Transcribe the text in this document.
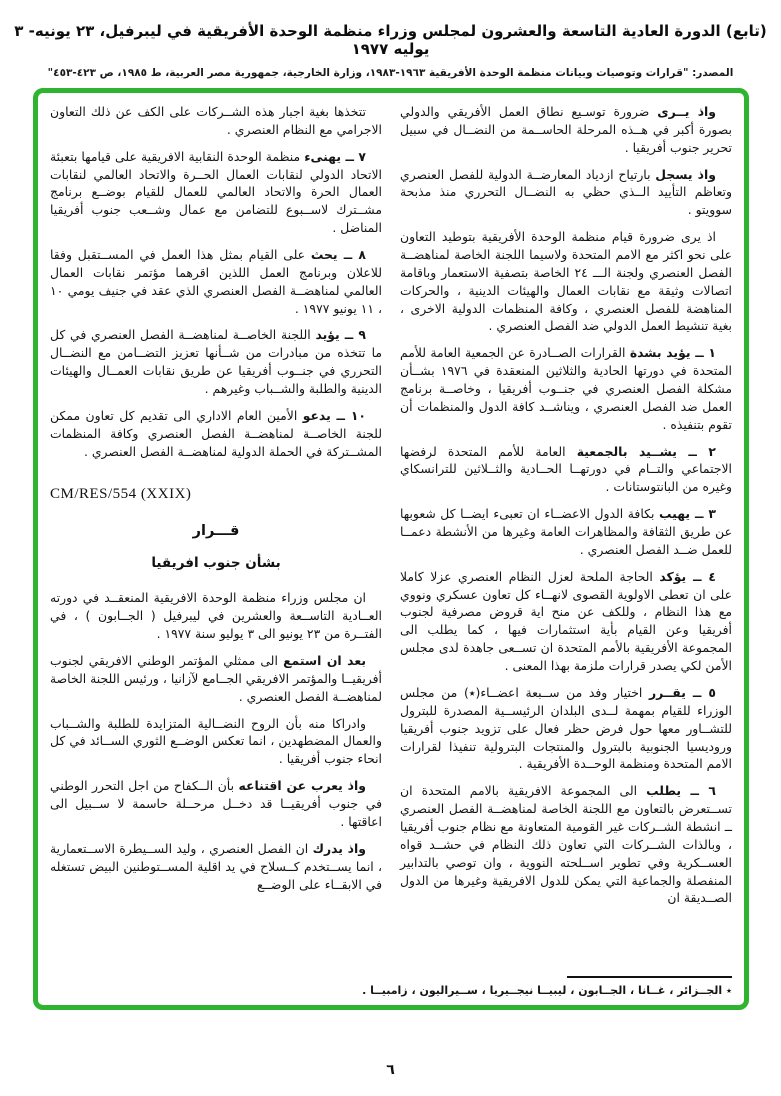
(تابع) الدورة العادية التاسعة والعشرون لمجلس وزراء منظمة الوحدة الأفريقية في ليبرفيل، ٢٣ يونيه- ٣ يوليه ١٩٧٧
المصدر: "قرارات وتوصيات وبيانات منظمة الوحدة الأفريقية ١٩٦٣-١٩٨٣، وزارة الخارجية، جمهورية مصر العربية، ط ١٩٨٥، ص ٤٢٣-٤٥٣"

واذ يــرى ضرورة توسـيع نطاق العمل الأفريقي والدولي بصورة أكبر في هــذه المرحلة الحاســمة من النضــال في سبيل تحرير جنوب أفريقيا .

واذ يسجل بارتياح ازدياد المعارضــة الدولية للفصل العنصري وتعاظم التأييد الــذي حظي به النضــال التحرري منذ مذبحة سوويتو .

اذ يرى ضرورة قيام منظمة الوحدة الأفريقية بتوطيد التعاون على نحو اكثر مع الامم المتحدة ولاسيما اللجنة الخاصة لمناهضــة الفصل العنصري ولجنة الـــ ٢٤ الخاصة بتصفية الاستعمار وباقامة اتصالات وثيقة مع نقابات العمال والهيئات الدينية ، والحركات المناهضة للفصل العنصري ، وكافة المنظمات الدولية الاخرى ، بغية تنشيط العمل الدولي ضد الفصل العنصري .

١ ــ يؤيد بشدة القرارات الصــادرة عن الجمعية العامة للأمم المتحدة في دورتها الحادية والثلاثين المنعقدة في ١٩٧٦ بشــأن مشكلة الفصل العنصري في جنــوب أفريقيا ، وخاصــة برنامج العمل ضد الفصل العنصري ، ويناشــد كافة الدول والمنظمات أن تقوم بتنفيذه .

٢ ــ يشــيد بالجمعية العامة للأمم المتحدة لرفضها الاجتماعي والتــام في دورتهــا الحــادية والثــلاثين للترانسكاي وغيره من البانتوستانات .

٣ ــ يهيب بكافة الدول الاعضــاء ان تعبىء ايضــا كل شعوبها عن طريق الثقافة والمظاهرات العامة وغيرها من الأنشطة دعمــا للعمل ضــد الفصل العنصري .

٤ ــ يؤكد الحاجة الملحة لعزل النظام العنصري عزلا كاملا على ان تعطى الاولوية القصوى لانهــاء كل تعاون عسكري ونووي مع هذا النظام ، وللكف عن منح اية قروض مصرفية لجنوب أفريقيا وعن القيام بأية استثمارات فيها ، كما يطلب الى المجموعة الأفريقية بالأمم المتحدة ان تســعى جاهدة لدى مجلس الأمن لكي يصدر قرارات ملزمة بهذا المعنى .

٥ ــ يقــرر اختيار وفد من ســبعة اعضــاء(٭) من مجلس الوزراء للقيام بمهمة لــدى البلدان الرئيســية المصدرة للبترول للتشــاور معها حول فرض حظر فعال على تزويد جنوب أفريقيا وروديسيا الجنوبية بالبترول والمنتجات البترولية تنفيذا لقرارات الامم المتحدة ومنظمة الوحــدة الأفريقية .

٦ ــ يطلب الى المجموعة الافريقية بالامم المتحدة ان تســتعرض بالتعاون مع اللجنة الخاصة لمناهضــة الفصل العنصري ــ انشطة الشــركات غير القومية المتعاونة مع نظام جنوب أفريقيا ، وبالذات الشــركات التي تعاون ذلك النظام في حشــد قواه العســكرية وفي تطوير اســلحته النووية ، وان توصي بالتدابير المنفصلة والجماعية التي يمكن للدول الافريقية وغيرها من الدول الصــديقة ان

تتخذها بغية اجبار هذه الشــركات على الكف عن ذلك التعاون الاجرامي مع النظام العنصري .

٧ ــ يهنىء منظمة الوحدة النقابية الافريقية على قيامها بتعبئة الاتحاد الدولي لنقابات العمال الحــرة والاتحاد العالمي لنقابات العمال الحرة والاتحاد العالمي للعمال للقيام بوضــع برنامج مشــترك لاســبوع للتضامن مع عمال وشــعب جنوب أفريقيا المناضل .

٨ ــ يحث على القيام بمثل هذا العمل في المســتقبل وفقا للاعلان وبرنامج العمل اللذين اقرهما مؤتمر نقابات العمال العالمي لمناهضــة الفصل العنصري الذي عقد في جنيف يومي ١٠ ، ١١ يونيو ١٩٧٧ .

٩ ــ يؤيد اللجنة الخاصــة لمناهضــة الفصل العنصري في كل ما تتخذه من مبادرات من شــأنها تعزيز التضــامن مع النضــال التحرري في جنــوب أفريقيا عن طريق نقابات العمــال والهيئات الدينية والطلبة والشــباب وغيرهم .

١٠ ــ يدعو الأمين العام الاداري الى تقديم كل تعاون ممكن للجنة الخاصــة لمناهضــة الفصل العنصري وكافة المنظمات المشــتركة في الحملة الدولية لمناهضــة الفصل العنصري .

CM/RES/554 (XXIX)
قـــرار
بشأن جنوب افريقيا

ان مجلس وزراء منظمة الوحدة الافريقية المنعقــد في دورته العــادية التاســعة والعشرين في ليبرفيل ( الجــابون ) ، في الفتــرة من ٢٣ يونيو الى ٣ يوليو سنة ١٩٧٧ .

بعد ان استمع الى ممثلي المؤتمر الوطني الافريقي لجنوب أفريقيــا والمؤتمر الافريقي الجــامع لآزانيا ، ورئيس اللجنة الخاصة لمناهضــة الفصل العنصري .

وادراكا منه بأن الروح النضــالية المتزايدة للطلبة والشــباب والعمال المضطهدين ، انما تعكس الوضــع الثوري الســائد في كل انحاء جنوب أفريقيا .

واذ يعرب عن اقتناعه بأن الــكفاح من اجل التحرر الوطني في جنوب أفريقيــا قد دخــل مرحــلة حاسمة لا ســبيل الى اعاقتها .

واذ يدرك ان الفصل العنصري ، وليد الســيطرة الاســتعمارية ، انما يســتخدم كــسلاح في يد اقلية المســتوطنين البيض تستغله في الابقــاء على الوضــع

٭ الجــزائر ، غــانا ، الجــابون ، ليبيــا نيجــيريا ، ســيراليون ، زامبيــا .
٦
